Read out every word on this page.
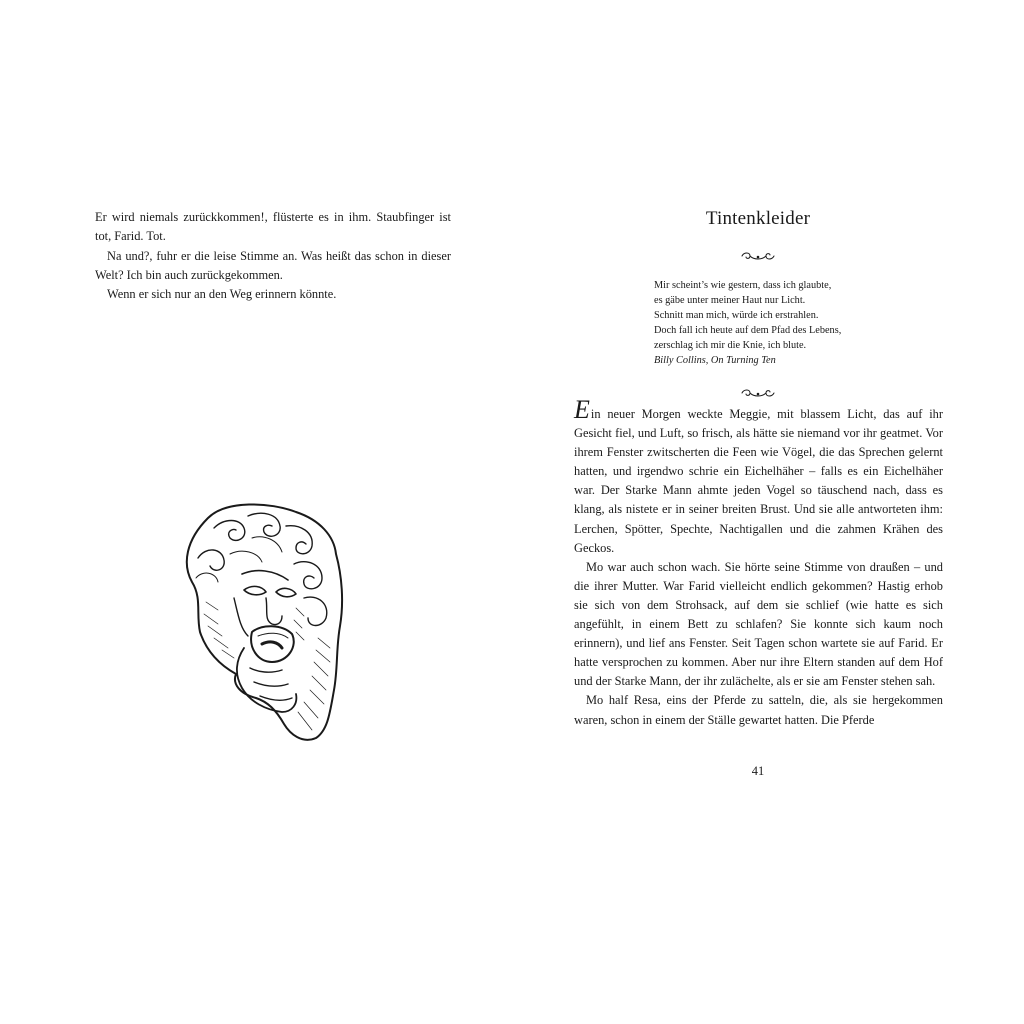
Er wird niemals zurückkommen!, flüsterte es in ihm. Staubfinger ist tot, Farid. Tot.

Na und?, fuhr er die leise Stimme an. Was heißt das schon in dieser Welt? Ich bin auch zurückgekommen.

Wenn er sich nur an den Weg erinnern könnte.

Tintenkleider
Mir scheint’s wie gestern, dass ich glaubte,
es gäbe unter meiner Haut nur Licht.
Schnitt man mich, würde ich erstrahlen.
Doch fall ich heute auf dem Pfad des Lebens,
zerschlag ich mir die Knie, ich blute.
Billy Collins, On Turning Ten

Ein neuer Morgen weckte Meggie, mit blassem Licht, das auf ihr Gesicht fiel, und Luft, so frisch, als hätte sie niemand vor ihr geatmet. Vor ihrem Fenster zwitscherten die Feen wie Vögel, die das Sprechen gelernt hatten, und irgendwo schrie ein Eichelhäher – falls es ein Eichelhäher war. Der Starke Mann ahmte jeden Vogel so täuschend nach, dass es klang, als nistete er in seiner breiten Brust. Und sie alle antworteten ihm: Lerchen, Spötter, Spechte, Nachtigallen und die zahmen Krähen des Geckos.

Mo war auch schon wach. Sie hörte seine Stimme von draußen – und die ihrer Mutter. War Farid vielleicht endlich gekommen? Hastig erhob sie sich von dem Strohsack, auf dem sie schlief (wie hatte es sich angefühlt, in einem Bett zu schlafen? Sie konnte sich kaum noch erinnern), und lief ans Fenster. Seit Tagen schon wartete sie auf Farid. Er hatte versprochen zu kommen. Aber nur ihre Eltern standen auf dem Hof und der Starke Mann, der ihr zulächelte, als er sie am Fenster stehen sah.

Mo half Resa, eins der Pferde zu satteln, die, als sie hergekommen waren, schon in einem der Ställe gewartet hatten. Die Pferde

41
